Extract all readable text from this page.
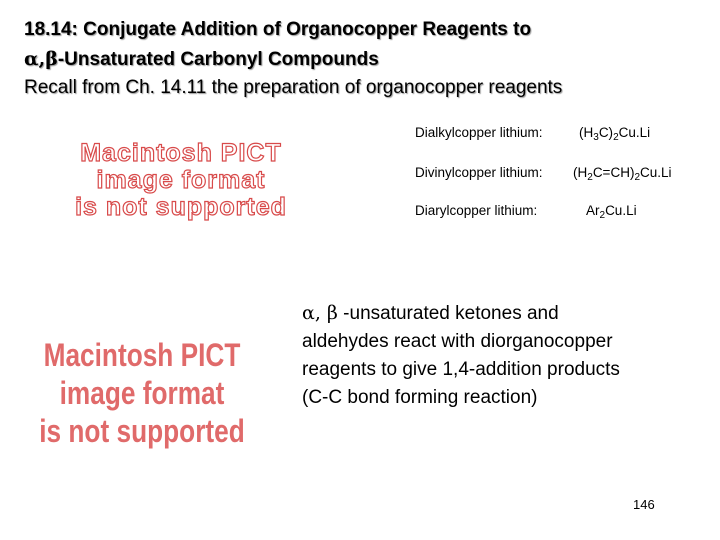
18.14: Conjugate Addition of Organocopper Reagents to
α,β-Unsaturated Carbonyl Compounds
Recall from Ch. 14.11 the preparation of organocopper reagents
Macintosh PICT
image format
is not supported
Dialkylcopper lithium:	$(H_3C)_2Cu.Li$
Divinylcopper lithium: $(H_2C=CH)_2Cu.Li$
Diarylcopper lithium:	$Ar_2Cu.Li$
Macintosh PICT
image format
is not supported
α, β -unsaturated ketones and
aldehydes react with diorganocopper
reagents to give 1,4-addition products
(C-C bond forming reaction)
146
